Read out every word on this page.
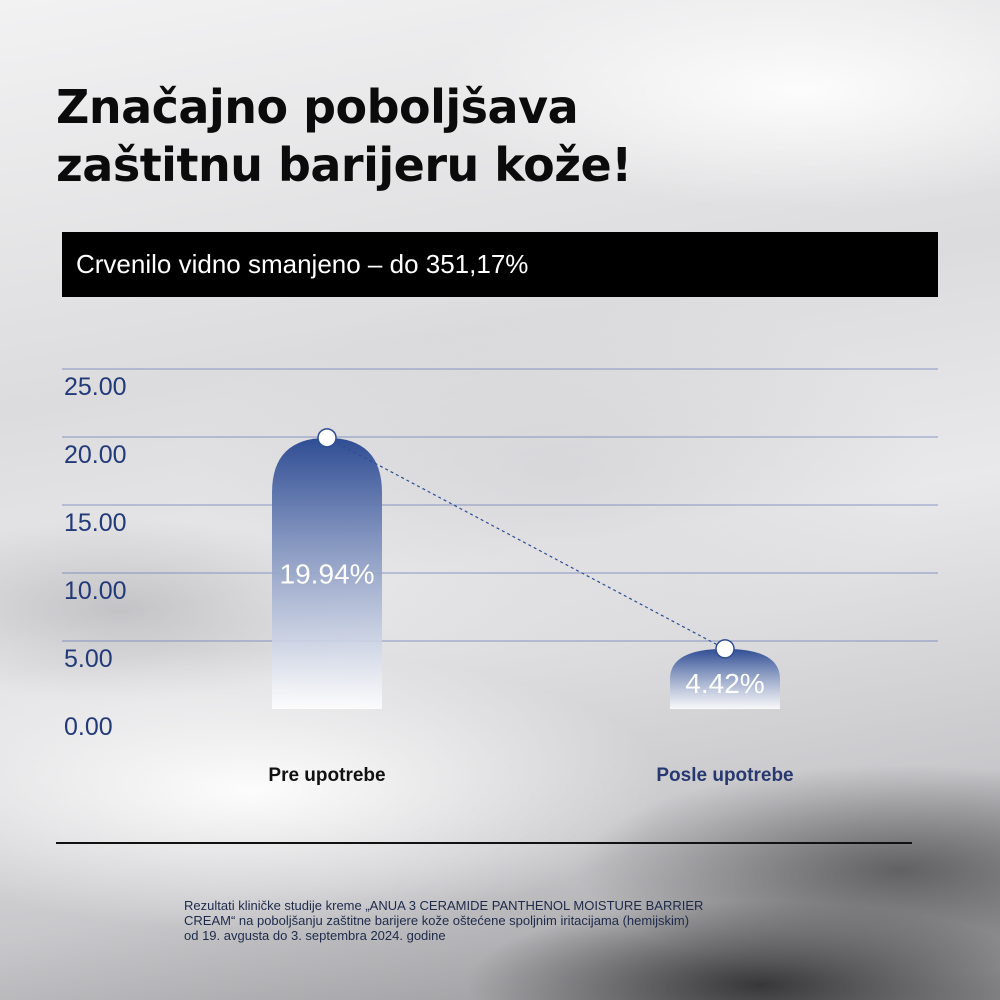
Značajno poboljšava
zaštitnu barijeru kože!
Crvenilo vidno smanjeno – do 351,17%
0.00
5.00
10.00
15.00
20.00
25.00
19.94%
4.42%
Pre upotrebe	Posle upotrebe
Rezultati kliničke studije kreme „ANUA 3 CERAMIDE PANTHENOL MOISTURE BARRIER
CREAM“ na poboljšanju zaštitne barijere kože oštećene spoljnim iritacijama (hemijskim)
od 19. avgusta do 3. septembra 2024. godine
